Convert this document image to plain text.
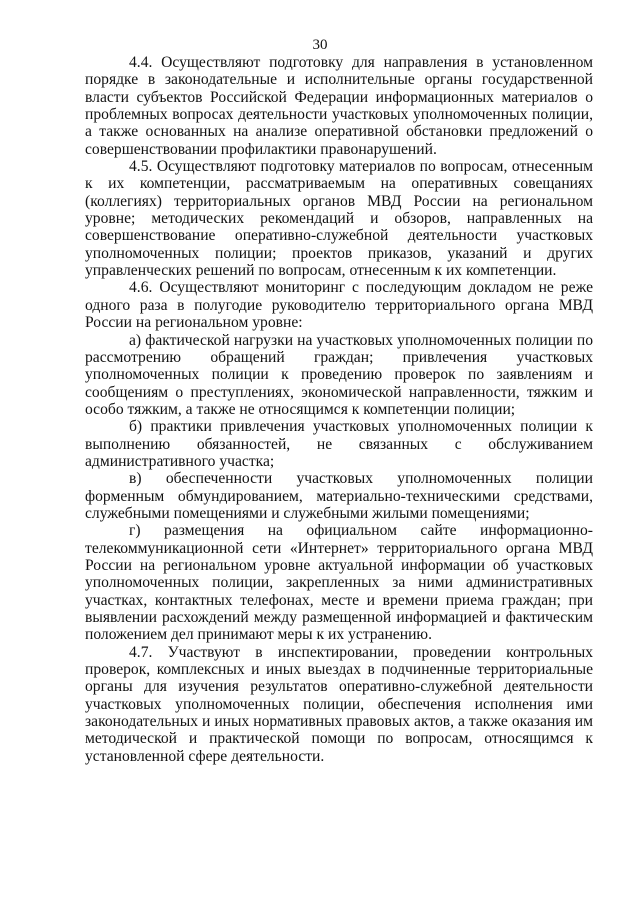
30

4.4. Осуществляют подготовку для направления в установленном порядке в законодательные и исполнительные органы государственной власти субъектов Российской Федерации информационных материалов о проблемных вопросах деятельности участковых уполномоченных полиции, а также основанных на анализе оперативной обстановки предложений о совершенствовании профилактики правонарушений.

4.5. Осуществляют подготовку материалов по вопросам, отнесенным к их компетенции, рассматриваемым на оперативных совещаниях (коллегиях) территориальных органов МВД России на региональном уровне; методических рекомендаций и обзоров, направленных на совершенствование оперативно-служебной деятельности участковых уполномоченных полиции; проектов приказов, указаний и других управленческих решений по вопросам, отнесенным к их компетенции.

4.6. Осуществляют мониторинг с последующим докладом не реже одного раза в полугодие руководителю территориального органа МВД России на региональном уровне:

а) фактической нагрузки на участковых уполномоченных полиции по рассмотрению обращений граждан; привлечения участковых уполномоченных полиции к проведению проверок по заявлениям и сообщениям о преступлениях, экономической направленности, тяжким и особо тяжким, а также не относящимся к компетенции полиции;

б) практики привлечения участковых уполномоченных полиции к выполнению обязанностей, не связанных с обслуживанием административного участка;

в) обеспеченности участковых уполномоченных полиции форменным обмундированием, материально-техническими средствами, служебными помещениями и служебными жилыми помещениями;

г) размещения на официальном сайте информационно-телекоммуникационной сети «Интернет» территориального органа МВД России на региональном уровне актуальной информации об участковых уполномоченных полиции, закрепленных за ними административных участках, контактных телефонах, месте и времени приема граждан; при выявлении расхождений между размещенной информацией и фактическим положением дел принимают меры к их устранению.

4.7. Участвуют в инспектировании, проведении контрольных проверок, комплексных и иных выездах в подчиненные территориальные органы для изучения результатов оперативно-служебной деятельности участковых уполномоченных полиции, обеспечения исполнения ими законодательных и иных нормативных правовых актов, а также оказания им методической и практической помощи по вопросам, относящимся к установленной сфере деятельности.
